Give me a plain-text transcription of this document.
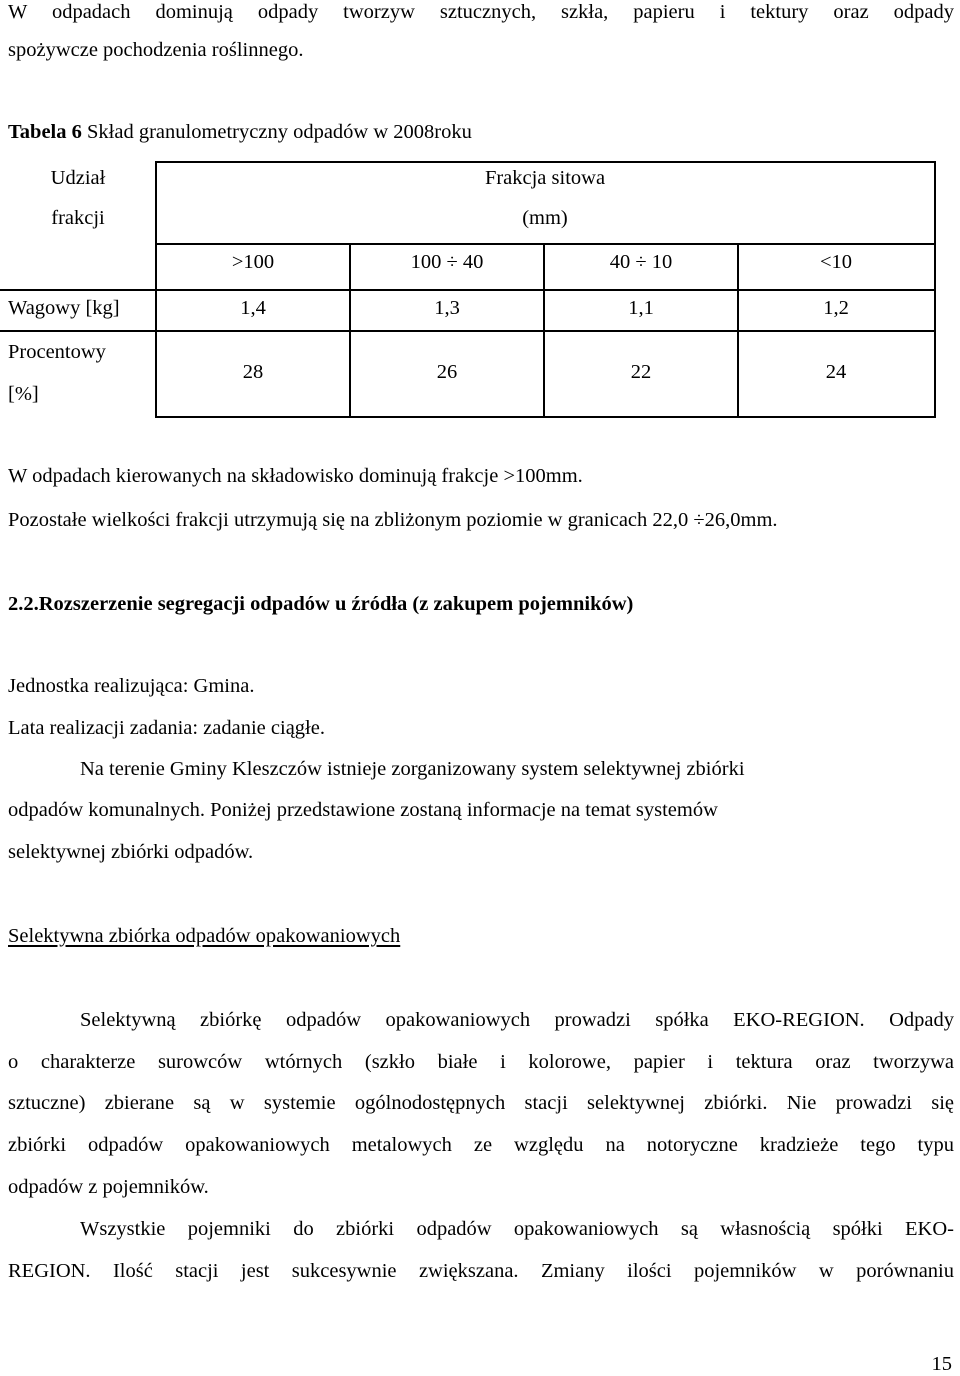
W odpadach dominują odpady tworzyw sztucznych, szkła, papieru i tektury oraz odpady
spożywcze pochodzenia roślinnego.
Tabela 6 Skład granulometryczny odpadów w 2008roku
Udział
frakcji
Frakcja sitowa
(mm)
>100	100 ÷ 40	40 ÷ 10	<10
Wagowy [kg]	1,4	1,3	1,1	1,2
Procentowy
[%]
28	26	22	24
W odpadach kierowanych na składowisko dominują frakcje >100mm.
Pozostałe wielkości frakcji utrzymują się na zbliżonym poziomie w granicach 22,0 ÷26,0mm.
2.2.Rozszerzenie segregacji odpadów u źródła (z zakupem pojemników)
Jednostka realizująca: Gmina.
Lata realizacji zadania: zadanie ciągłe.
Na terenie Gminy Kleszczów istnieje zorganizowany system selektywnej zbiórki
odpadów komunalnych. Poniżej przedstawione zostaną informacje na temat systemów
selektywnej zbiórki odpadów.
Selektywna zbiórka odpadów opakowaniowych
Selektywną zbiórkę odpadów opakowaniowych prowadzi spółka EKO-REGION. Odpady
o charakterze surowców wtórnych (szkło białe i kolorowe, papier i tektura oraz tworzywa
sztuczne) zbierane są w systemie ogólnodostępnych stacji selektywnej zbiórki. Nie prowadzi się
zbiórki odpadów opakowaniowych metalowych ze względu na notoryczne kradzieże tego typu
odpadów z pojemników.
Wszystkie pojemniki do zbiórki odpadów opakowaniowych są własnością spółki EKO-
REGION. Ilość stacji jest sukcesywnie zwiększana. Zmiany ilości pojemników w porównaniu
15
